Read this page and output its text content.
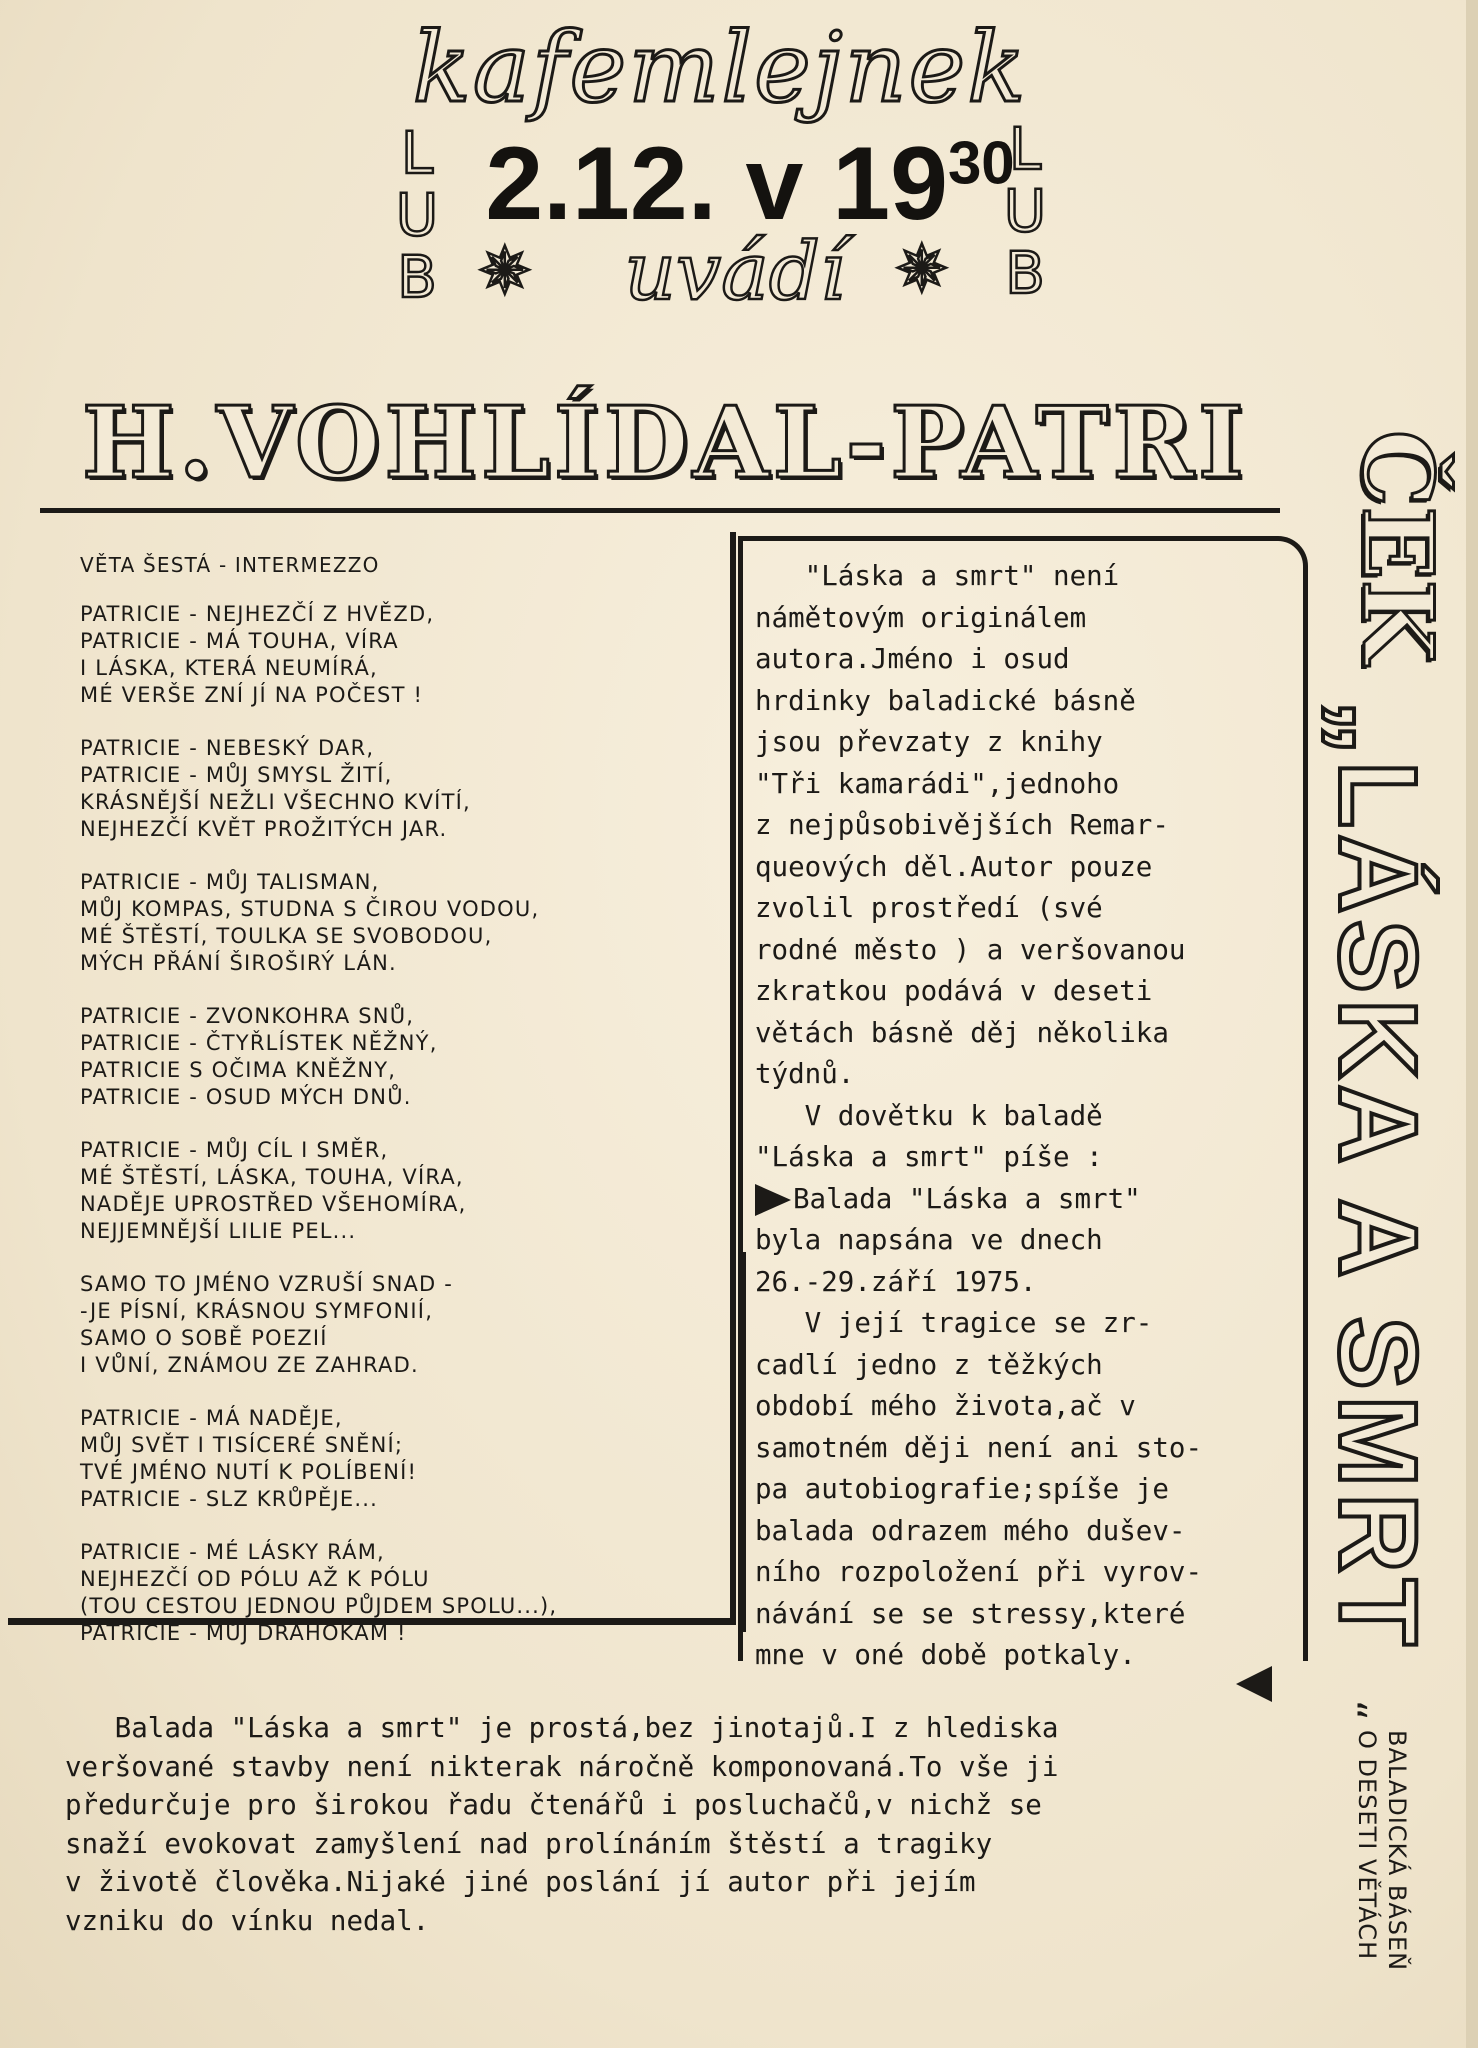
kafemlejnek
L
U
B
L
U
B
2.12. v $19^{30}$
✵	uvádí ✵
H.VOHLÍDAL-PATRI ČEK
VĚTA ŠESTÁ - INTERMEZZO
PATRICIE - NEJHEZČÍ Z HVĚZD,
PATRICIE - MÁ TOUHA, VÍRA
I LÁSKA, KTERÁ NEUMÍRÁ,
MÉ VERŠE ZNÍ JÍ NA POČEST !
PATRICIE - NEBESKÝ DAR,
PATRICIE - MŮJ SMYSL ŽITÍ,
KRÁSNĚJŠÍ NEŽLI VŠECHNO KVÍTÍ,
NEJHEZČÍ KVĚT PROŽITÝCH JAR.
PATRICIE - MŮJ TALISMAN,
MŮJ KOMPAS, STUDNA S ČIROU VODOU,
MÉ ŠTĚSTÍ, TOULKA SE SVOBODOU,
MÝCH PŘÁNÍ ŠIROŠIRÝ LÁN.
PATRICIE - ZVONKOHRA SNŮ,
PATRICIE - ČTYŘLÍSTEK NĚŽNÝ,
PATRICIE S OČIMA KNĚŽNY,
PATRICIE - OSUD MÝCH DNŮ.
PATRICIE - MŮJ CÍL I SMĚR,
MÉ ŠTĚSTÍ, LÁSKA, TOUHA, VÍRA,
NADĚJE UPROSTŘED VŠEHOMÍRA,
NEJJEMNĚJŠÍ LILIE PEL...
SAMO TO JMÉNO VZRUŠÍ SNAD -
-JE PÍSNÍ, KRÁSNOU SYMFONIÍ,
SAMO O SOBĚ POEZIÍ
I VŮNÍ, ZNÁMOU ZE ZAHRAD.
PATRICIE - MÁ NADĚJE,
MŮJ SVĚT I TISÍCERÉ SNĚNÍ;
TVÉ JMÉNO NUTÍ K POLÍBENÍ!
PATRICIE - SLZ KRŮPĚJE...
PATRICIE - MÉ LÁSKY RÁM,
NEJHEZČÍ OD PÓLU AŽ K PÓLU
(TOU CESTOU JEDNOU PŮJDEM SPOLU...),
PATRICIE - MŮJ DRAHOKAM !

"Láska a smrt" není

námětovým originálem

autora.Jméno i osud

hrdinky baladické básně

jsou převzaty z knihy

"Tři kamarádi",jednoho

z nejpůsobivějších Remar-

queových děl.Autor pouze

zvolil prostředí (své

rodné město ) a veršovanou

zkratkou podává v deseti

větách básně děj několika

týdnů.

V dovětku k baladě

"Láska a smrt" píše :

Balada "Láska a smrt"

byla napsána ve dnech

26.-29.září 1975.

V její tragice se zr-

cadlí jedno z těžkých

období mého života,ač v

samotném ději není ani sto-

pa autobiografie;spíše je

balada odrazem mého dušev-

ního rozpoložení při vyrov-

návání se se stressy,které

mne v oné době potkaly.

Balada "Láska a smrt" je prostá,bez jinotajů.I z hlediska

veršované stavby není nikterak náročně komponovaná.To vše ji

předurčuje pro širokou řadu čtenářů i posluchačů,v nichž se

snaží evokovat zamyšlení nad prolínáním štěstí a tragiky

v životě člověka.Nijaké jiné poslání jí autor při jejím

vzniku do vínku nedal.

„LÁSKA A SMRT
“
BALADICKÁ BÁSEŇ
O DESETI VĚTÁCH
